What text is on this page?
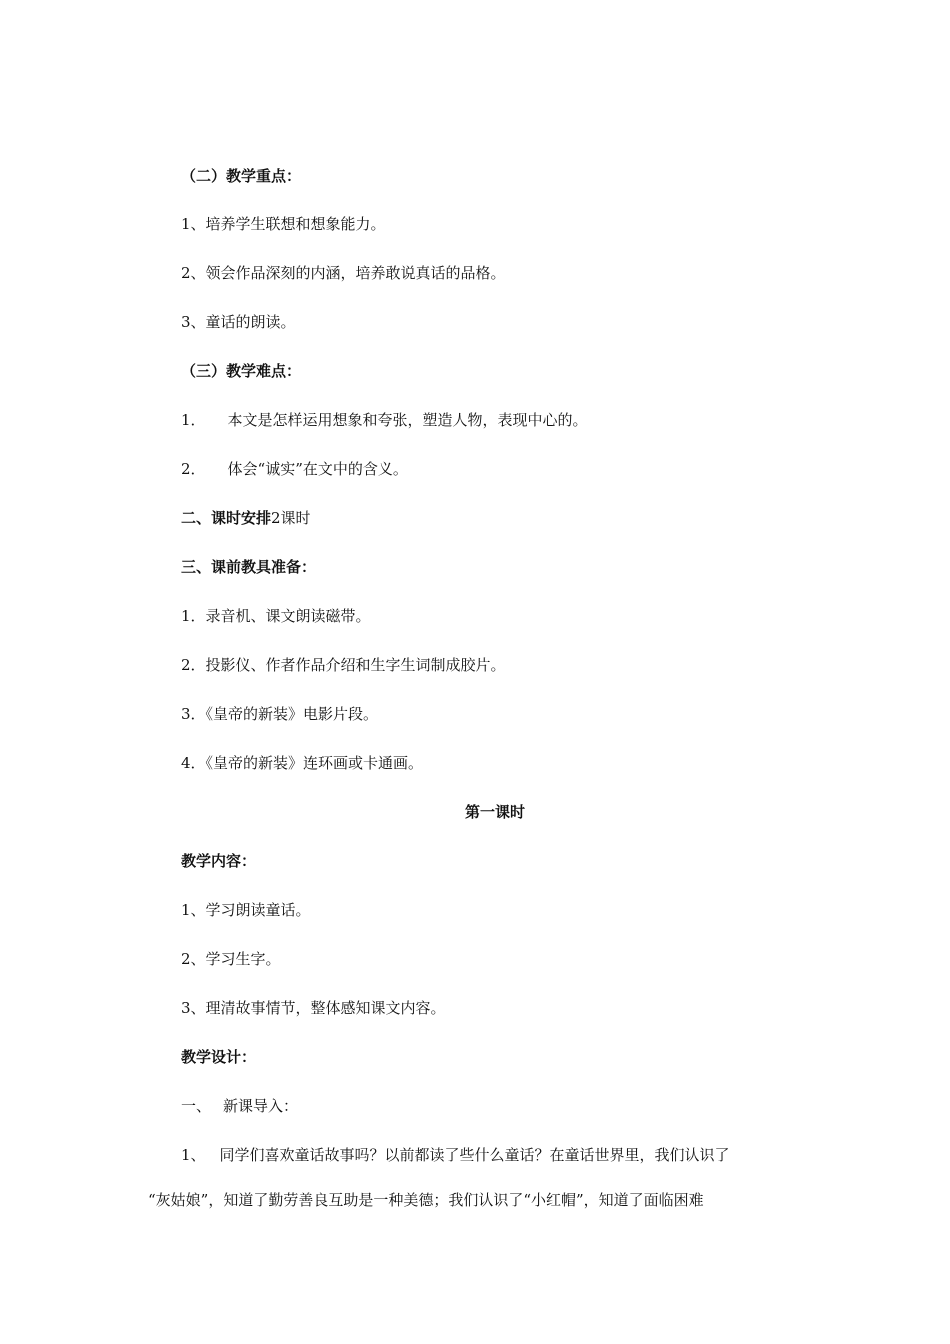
（二）教学重点：
1、培养学生联想和想象能力。
2、领会作品深刻的内涵，培养敢说真话的品格。
3、童话的朗读。
（三）教学难点：
1． 本文是怎样运用想象和夸张，塑造人物，表现中心的。
2． 体会“诚实”在文中的含义。
二、课时安排2课时
三、课前教具准备：
1．录音机、课文朗读磁带。
2．投影仪、作者作品介绍和生字生词制成胶片。
3．《皇帝的新装》电影片段。
4．《皇帝的新装》连环画或卡通画。
第一课时
教学内容：
1、学习朗读童话。
2、学习生字。
3、理清故事情节，整体感知课文内容。
教学设计：
一、 新课导入：
1、 同学们喜欢童话故事吗？以前都读了些什么童话？在童话世界里，我们认识了
“灰姑娘”，知道了勤劳善良互助是一种美德；我们认识了“小红帽”，知道了面临困难
